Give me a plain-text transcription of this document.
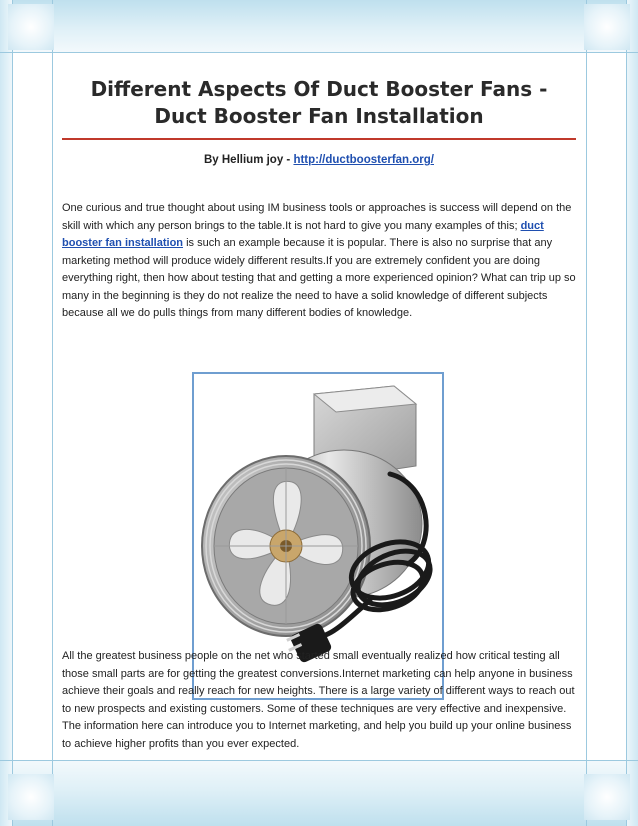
Different Aspects Of Duct Booster Fans - Duct Booster Fan Installation
By Hellium joy - http://ductboosterfan.org/

One curious and true thought about using IM business tools or approaches is success will depend on the skill with which any person brings to the table.It is not hard to give you many examples of this; duct booster fan installation is such an example because it is popular. There is also no surprise that any marketing method will produce widely different results.If you are extremely confident you are doing everything right, then how about testing that and getting a more experienced opinion? What can trip up so many in the beginning is they do not realize the need to have a solid knowledge of different subjects because all we do pulls things from many different bodies of knowledge.

All the greatest business people on the net who started small eventually realized how critical testing all those small parts are for getting the greatest conversions.Internet marketing can help anyone in business achieve their goals and really reach for new heights. There is a large variety of different ways to reach out to new prospects and existing customers. Some of these techniques are very effective and inexpensive. The information here can introduce you to Internet marketing, and help you build up your online business to achieve higher profits than you ever expected.
